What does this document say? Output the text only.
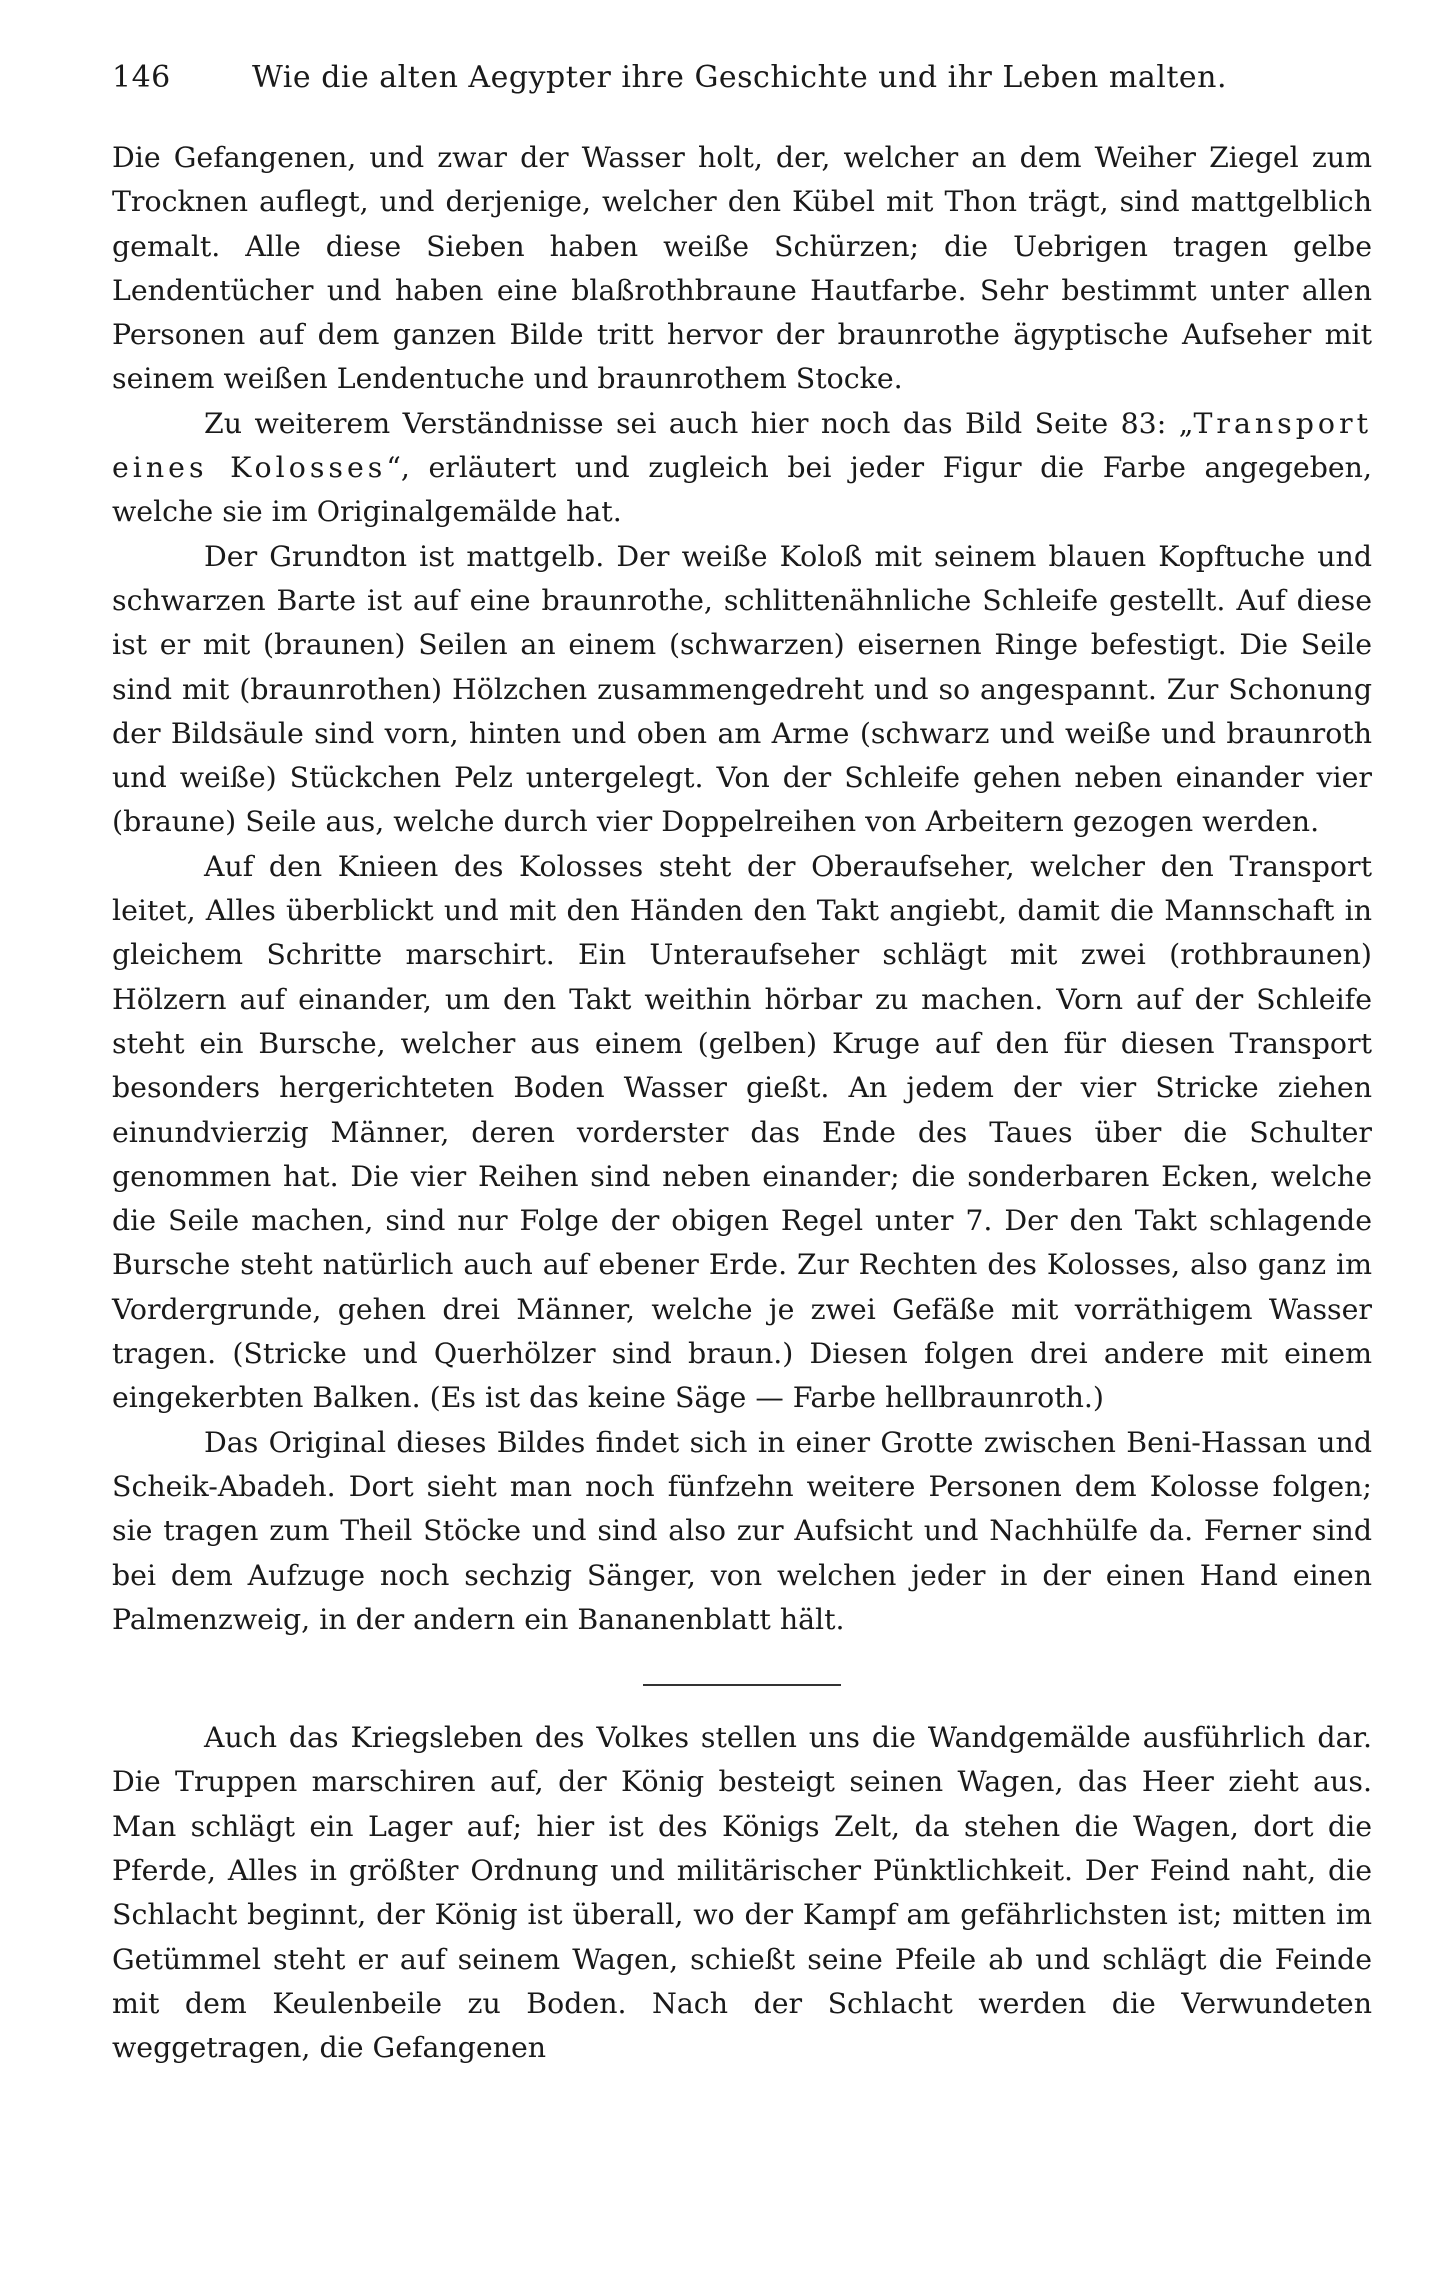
146	Wie die alten Aegypter ihre Geschichte und ihr Leben malten.

Die Gefangenen, und zwar der Wasser holt, der, welcher an dem Weiher Ziegel zum Trocknen auflegt, und derjenige, welcher den Kübel mit Thon trägt, sind mattgelblich gemalt. Alle diese Sieben haben weiße Schürzen; die Uebrigen tragen gelbe Lendentücher und haben eine blaßrothbraune Hautfarbe. Sehr bestimmt unter allen Personen auf dem ganzen Bilde tritt hervor der braunrothe ägyptische Aufseher mit seinem weißen Lendentuche und braunrothem Stocke.

Zu weiterem Verständnisse sei auch hier noch das Bild Seite 83: „Transport eines Kolosses“, erläutert und zugleich bei jeder Figur die Farbe angegeben, welche sie im Originalgemälde hat.

Der Grundton ist mattgelb. Der weiße Koloß mit seinem blauen Kopftuche und schwarzen Barte ist auf eine braunrothe, schlittenähnliche Schleife gestellt. Auf diese ist er mit (braunen) Seilen an einem (schwarzen) eisernen Ringe befestigt. Die Seile sind mit (braunrothen) Hölzchen zusammengedreht und so angespannt. Zur Schonung der Bildsäule sind vorn, hinten und oben am Arme (schwarz und weiße und braunroth und weiße) Stückchen Pelz untergelegt. Von der Schleife gehen neben einander vier (braune) Seile aus, welche durch vier Doppelreihen von Arbeitern gezogen werden.

Auf den Knieen des Kolosses steht der Oberaufseher, welcher den Transport leitet, Alles überblickt und mit den Händen den Takt angiebt, damit die Mannschaft in gleichem Schritte marschirt. Ein Unteraufseher schlägt mit zwei (rothbraunen) Hölzern auf einander, um den Takt weithin hörbar zu machen. Vorn auf der Schleife steht ein Bursche, welcher aus einem (gelben) Kruge auf den für diesen Transport besonders hergerichteten Boden Wasser gießt. An jedem der vier Stricke ziehen einundvierzig Männer, deren vorderster das Ende des Taues über die Schulter genommen hat. Die vier Reihen sind neben einander; die sonderbaren Ecken, welche die Seile machen, sind nur Folge der obigen Regel unter 7. Der den Takt schlagende Bursche steht natürlich auch auf ebener Erde. Zur Rechten des Kolosses, also ganz im Vordergrunde, gehen drei Männer, welche je zwei Gefäße mit vorräthigem Wasser tragen. (Stricke und Querhölzer sind braun.) Diesen folgen drei andere mit einem eingekerbten Balken. (Es ist das keine Säge — Farbe hellbraunroth.)

Das Original dieses Bildes findet sich in einer Grotte zwischen Beni-Hassan und Scheik-Abadeh. Dort sieht man noch fünfzehn weitere Personen dem Kolosse folgen; sie tragen zum Theil Stöcke und sind also zur Aufsicht und Nachhülfe da. Ferner sind bei dem Aufzuge noch sechzig Sänger, von welchen jeder in der einen Hand einen Palmenzweig, in der andern ein Bananenblatt hält.

Auch das Kriegsleben des Volkes stellen uns die Wandgemälde ausführlich dar. Die Truppen marschiren auf, der König besteigt seinen Wagen, das Heer zieht aus. Man schlägt ein Lager auf; hier ist des Königs Zelt, da stehen die Wagen, dort die Pferde, Alles in größter Ordnung und militärischer Pünktlichkeit. Der Feind naht, die Schlacht beginnt, der König ist überall, wo der Kampf am gefährlichsten ist; mitten im Getümmel steht er auf seinem Wagen, schießt seine Pfeile ab und schlägt die Feinde mit dem Keulenbeile zu Boden. Nach der Schlacht werden die Verwundeten weggetragen, die Gefangenen
